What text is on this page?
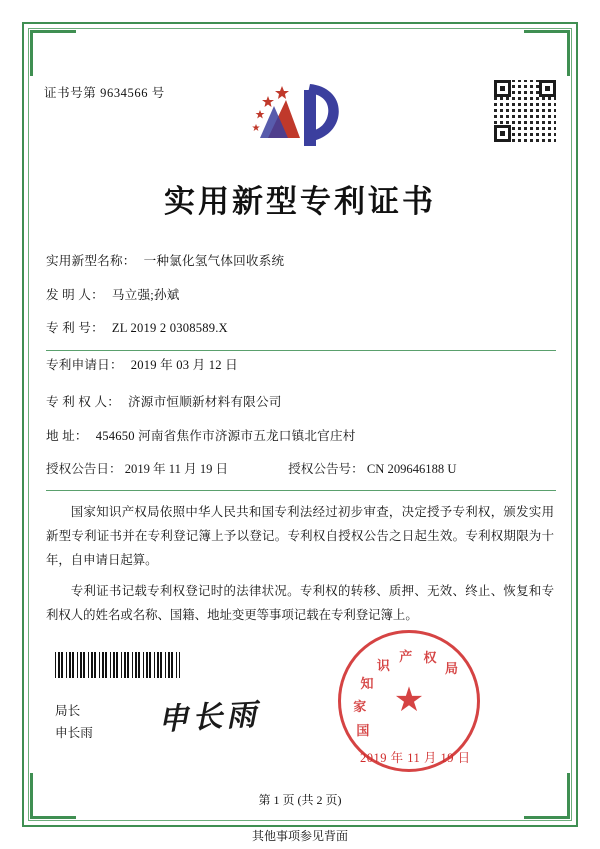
证书号第 9634566 号
实用新型专利证书
实用新型名称： 一种氯化氢气体回收系统
发 明 人： 马立强;孙斌
专 利 号： ZL 2019 2 0308589.X
专利申请日： 2019 年 03 月 12 日
专 利 权 人： 济源市恒顺新材料有限公司
地 址： 454650 河南省焦作市济源市五龙口镇北官庄村
授权公告日： 2019 年 11 月 19 日	授权公告号： CN 209646188 U

国家知识产权局依照中华人民共和国专利法经过初步审查，决定授予专利权，颁发实用新型专利证书并在专利登记簿上予以登记。专利权自授权公告之日起生效。专利权期限为十年，自申请日起算。

专利证书记载专利权登记时的法律状况。专利权的转移、质押、无效、终止、恢复和专利权人的姓名或名称、国籍、地址变更等事项记载在专利登记簿上。

局长
申长雨 申长雨	国
家
知
识
产 权
局
★
2019 年 11 月 19 日
第 1 页 (共 2 页)
其他事项参见背面
